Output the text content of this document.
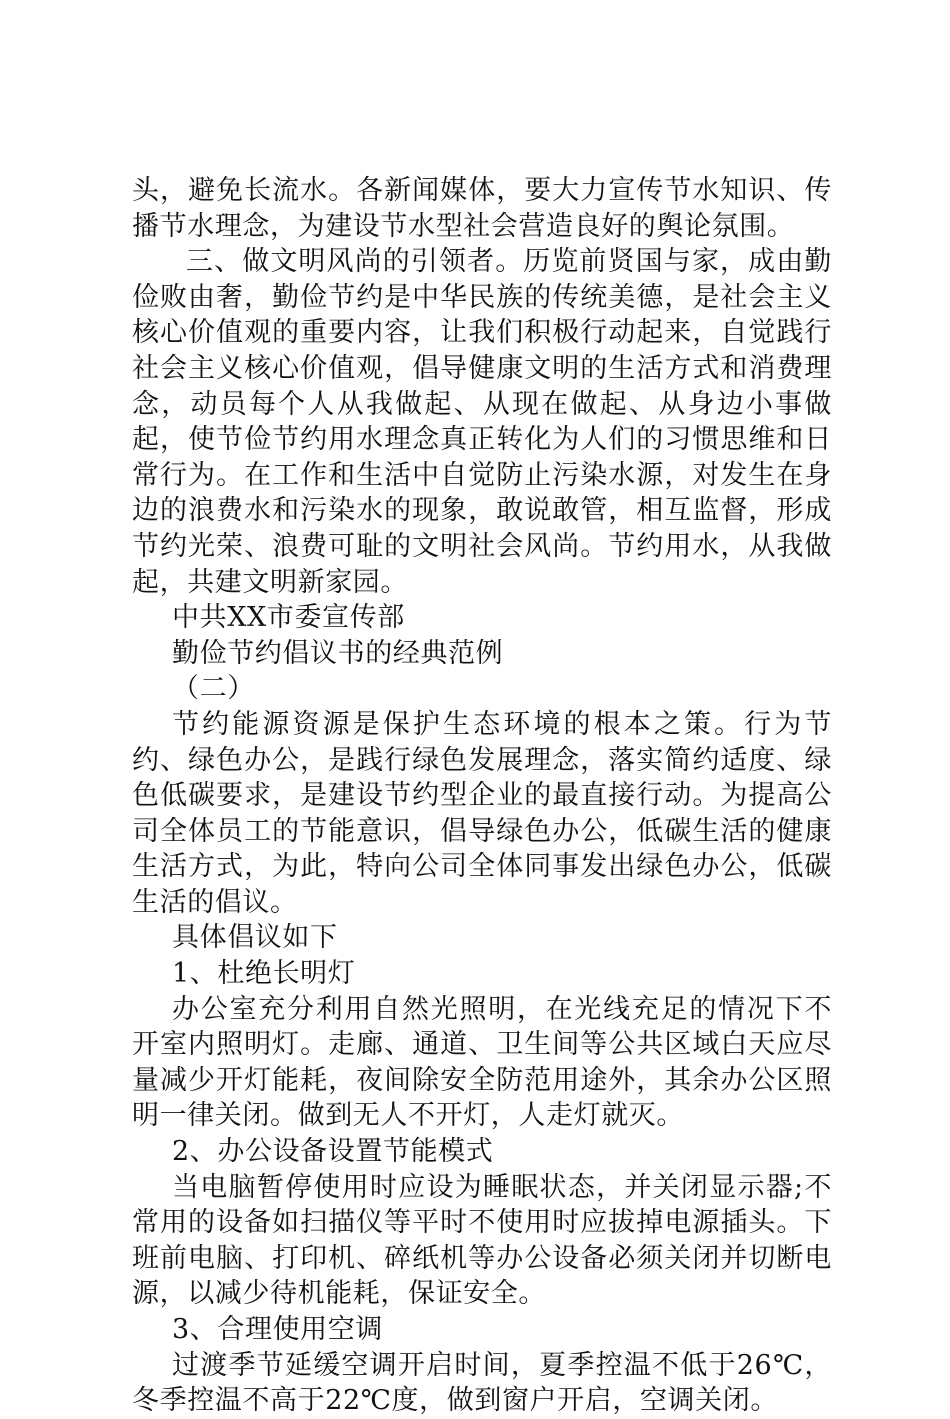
头，避免长流水。各新闻媒体，要大力宣传节水知识、传播节水理念，为建设节水型社会营造良好的舆论氛围。

三、做文明风尚的引领者。历览前贤国与家，成由勤俭败由奢，勤俭节约是中华民族的传统美德，是社会主义核心价值观的重要内容，让我们积极行动起来，自觉践行社会主义核心价值观，倡导健康文明的生活方式和消费理念，动员每个人从我做起、从现在做起、从身边小事做起，使节俭节约用水理念真正转化为人们的习惯思维和日常行为。在工作和生活中自觉防止污染水源，对发生在身边的浪费水和污染水的现象，敢说敢管，相互监督，形成节约光荣、浪费可耻的文明社会风尚。节约用水，从我做起，共建文明新家园。

中共XX市委宣传部

勤俭节约倡议书的经典范例

（二）

节约能源资源是保护生态环境的根本之策。行为节约、绿色办公，是践行绿色发展理念，落实简约适度、绿色低碳要求，是建设节约型企业的最直接行动。为提高公司全体员工的节能意识，倡导绿色办公，低碳生活的健康生活方式，为此，特向公司全体同事发出绿色办公，低碳生活的倡议。

具体倡议如下

1、杜绝长明灯

办公室充分利用自然光照明，在光线充足的情况下不开室内照明灯。走廊、通道、卫生间等公共区域白天应尽量减少开灯能耗，夜间除安全防范用途外，其余办公区照明一律关闭。做到无人不开灯，人走灯就灭。

2、办公设备设置节能模式

当电脑暂停使用时应设为睡眠状态，并关闭显示器;不常用的设备如扫描仪等平时不使用时应拔掉电源插头。下班前电脑、打印机、碎纸机等办公设备必须关闭并切断电源，以减少待机能耗，保证安全。

3、合理使用空调

过渡季节延缓空调开启时间，夏季控温不低于26℃，冬季控温不高于22℃度，做到窗户开启，空调关闭。
